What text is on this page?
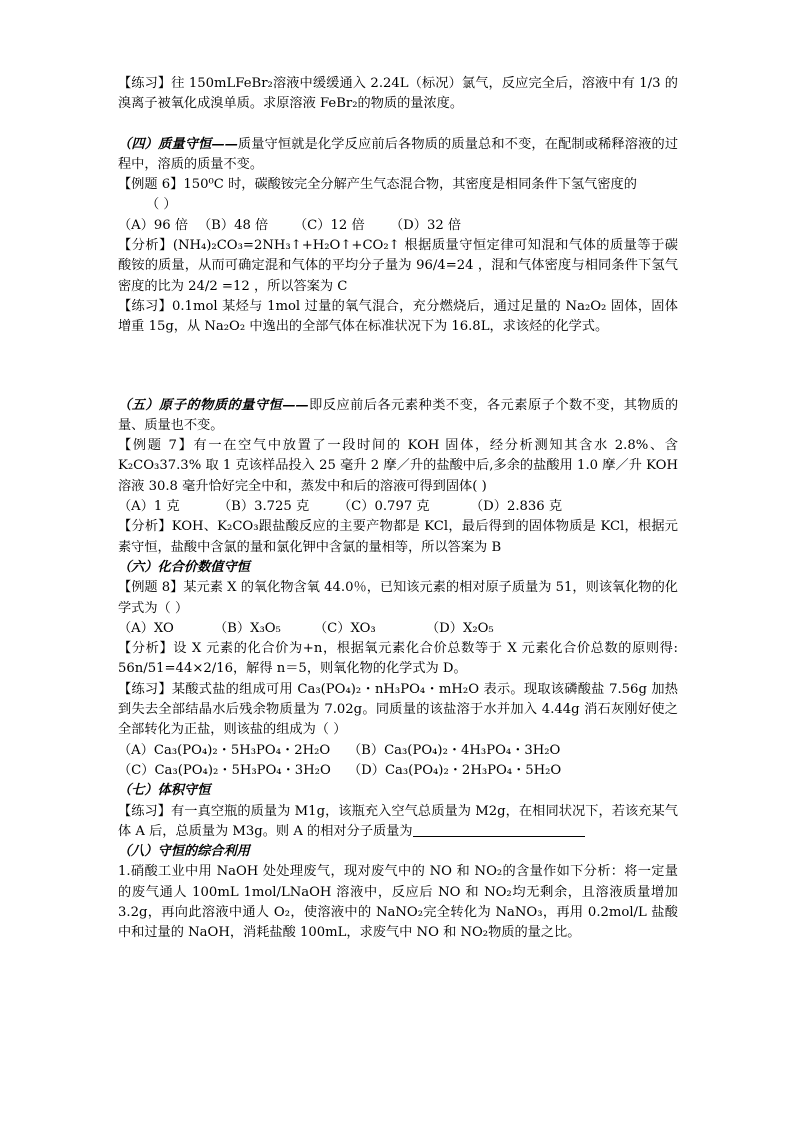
【练习】往 150mLFeBr₂溶液中缓缓通入 2.24L（标况）氯气，反应完全后，溶液中有 1/3 的溴离子被氧化成溴单质。求原溶液 FeBr₂的物质的量浓度。

（四）质量守恒——质量守恒就是化学反应前后各物质的质量总和不变，在配制或稀释溶液的过程中，溶质的质量不变。

【例题 6】150⁰C 时，碳酸铵完全分解产生气态混合物，其密度是相同条件下氢气密度的

（ ）

（A）96 倍 （B）48 倍	（C）12 倍	（D）32 倍

【分析】(NH₄)₂CO₃=2NH₃↑+H₂O↑+CO₂↑ 根据质量守恒定律可知混和气体的质量等于碳酸铵的质量，从而可确定混和气体的平均分子量为 96/4=24 ，混和气体密度与相同条件下氢气密度的比为 24/2 =12 ，所以答案为 C

【练习】0.1mol 某烃与 1mol 过量的氧气混合，充分燃烧后，通过足量的 Na₂O₂ 固体，固体增重 15g，从 Na₂O₂ 中逸出的全部气体在标准状况下为 16.8L，求该烃的化学式。

（五）原子的物质的量守恒——即反应前后各元素种类不变，各元素原子个数不变，其物质的量、质量也不变。

【例题 7】有一在空气中放置了一段时间的 KOH 固体，经分析测知其含水 2.8%、含 K₂CO₃37.3% 取 1 克该样品投入 25 毫升 2 摩／升的盐酸中后,多余的盐酸用 1.0 摩／升 KOH 溶液 30.8 毫升恰好完全中和，蒸发中和后的溶液可得到固体( )

（A）1 克	（B）3.725 克	（C）0.797 克	（D）2.836 克

【分析】KOH、K₂CO₃跟盐酸反应的主要产物都是 KCl，最后得到的固体物质是 KCl，根据元素守恒，盐酸中含氯的量和氯化钾中含氯的量相等，所以答案为 B

（六）化合价数值守恒

【例题 8】某元素 X 的氧化物含氧 44.0％，已知该元素的相对原子质量为 51，则该氧化物的化学式为（ ）

（A）XO	（B）X₃O₅	（C）XO₃	（D）X₂O₅

【分析】设 X 元素的化合价为+n，根据氧元素化合价总数等于 X 元素化合价总数的原则得: 56n/51=44×2/16，解得 n＝5，则氧化物的化学式为 D。

【练习】某酸式盐的组成可用 Ca₃(PO₄)₂・nH₃PO₄・mH₂O 表示。现取该磷酸盐 7.56g 加热到失去全部结晶水后残余物质量为 7.02g。同质量的该盐溶于水并加入 4.44g 消石灰刚好使之全部转化为正盐，则该盐的组成为（ ）

（A）Ca₃(PO₄)₂・5H₃PO₄・2H₂O	（B）Ca₃(PO₄)₂・4H₃PO₄・3H₂O

（C）Ca₃(PO₄)₂・5H₃PO₄・3H₂O	（D）Ca₃(PO₄)₂・2H₃PO₄・5H₂O

（七）体积守恒

【练习】有一真空瓶的质量为 M1g，该瓶充入空气总质量为 M2g，在相同状况下，若该充某气体 A 后，总质量为 M3g。则 A 的相对分子质量为

（八）守恒的综合利用

1.硝酸工业中用 NaOH 处处理废气，现对废气中的 NO 和 NO₂的含量作如下分析：将一定量的废气通人 100mL 1mol/LNaOH 溶液中，反应后 NO 和 NO₂均无剩余，且溶液质量增加 3.2g，再向此溶液中通人 O₂，使溶液中的 NaNO₂完全转化为 NaNO₃，再用 0.2mol/L 盐酸中和过量的 NaOH，消耗盐酸 100mL，求废气中 NO 和 NO₂物质的量之比。
